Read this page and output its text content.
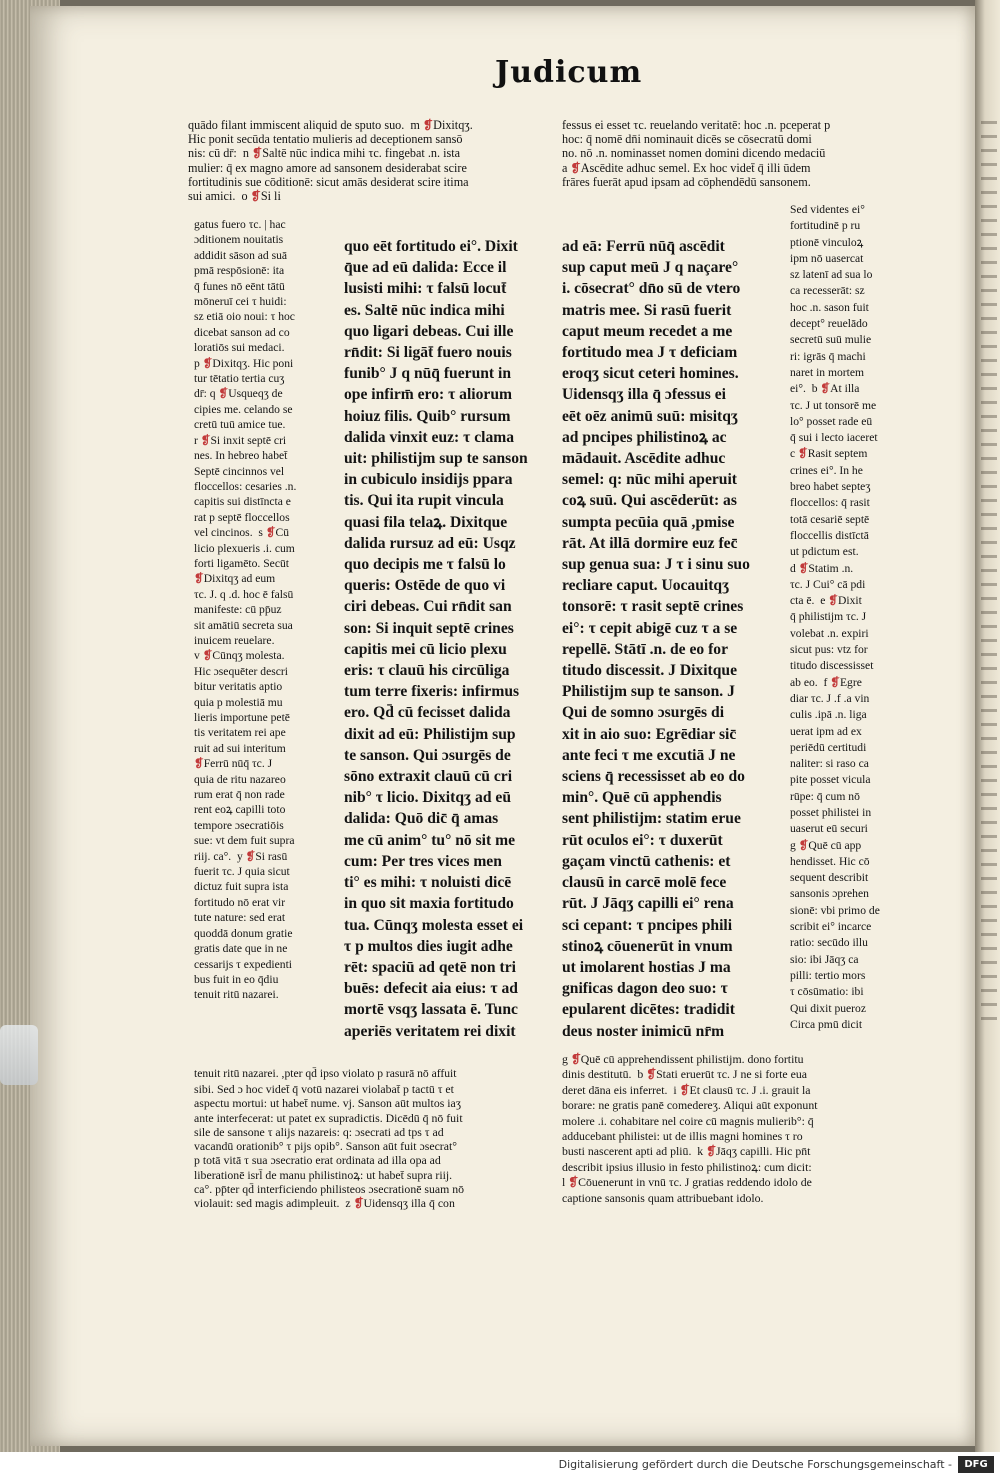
Judicum
quādo filant immiscent aliquid de sputo suo.  m ❡Dixitqʒ.
Hic ponit secūda tentatio mulieris ad deceptionem sansō
nis: cū dr̄:  n ❡Saltē nūc indica mihi τc. fingebat .n. ista
mulier: q̄ ex magno amore ad sansonem desiderabat scire
fortitudinis sue cōditionē: sicut amās desiderat scire itima
sui amici.  o ❡Si li
fessus ei esset τc. reuelando veritatē: hoc .n. pceperat p
hoc: q̄ nomē dn̄i nominauit dicēs se cōsecratū domi
no. nō .n. nominasset nomen domini dicendo medaciū
a ❡Ascēdite adhuc semel. Ex hoc videt̄ q̄ illi ūdem
frāres fuerāt apud ipsam ad cōphendēdū sansonem.
gatus fuero τc. | hac
ɔditionem nouitatis
addidit sāson ad suā
pmā respōsionē: ita
q̄ funes nō eēnt tātū
mōneruī cei τ huidi:
sz etiā oio noui: τ hoc
dicebat sanson ad co
loratiōs sui medaci.
p ❡Dixitqʒ. Hic poni
tur tētatio tertia cuʒ
dr̄: q ❡Usqueqʒ de
cipies me. celando se
cretū tuū amice tue.
r ❡Si inxit septē cri
nes. In hebreo habet̄
Septē cincinnos vel
floccellos: cesaries .n.
capitis sui distīncta e
rat p septē floccellos
vel cincinos.  s ❡Cū
licio plexueris .i. cum
forti ligamēto. Secūt
❡Dixitqʒ ad eum
τc. J. q .d. hoc ē falsū
manifeste: cū pp̄uz
sit amātiū secreta sua
inuicem reuelare.
v ❡Cūnqʒ molesta.
Hic ɔsequēter descri
bitur veritatis aptio
quia p molestiā mu
lieris importune petē
tis veritatem rei ape
ruit ad sui interitum
❡Ferrū nūq̄ τc. J
quia de ritu nazareo
rum erat q̄ non rade
rent eoꝝ capilli toto
tempore ɔsecratiōis
sue: vt dem fuit supra
riij. ca°.  y ❡Si rasū
fuerit τc. J quia sicut
dictuz fuit supra ista
fortitudo nō erat vir
tute nature: sed erat
quoddā donum gratie
gratis date que in ne
cessarijs τ expedienti
bus fuit in eo q̄diu
tenuit ritū nazarei.
quo eēt fortitudo ei°. Dixit
q̄ue ad eū dalida: Ecce il
lusisti mihi: τ falsū locut̄
es. Saltē nūc indica mihi
quo ligari debeas. Cui ille
rn̄dit: Si ligāt̄ fuero nouis
funib° J q nūq̄ fuerunt in
ope infirm̄ ero: τ aliorum
hoiuz filis. Quib° rursum
dalida vinxit euz: τ clama
uit: philistijm sup te sanson
in cubiculo insidijs ppara
tis. Qui ita rupit vincula
quasi fila telaꝝ. Dixitque
dalida rursuz ad eū: Usqz
quo decipis me τ falsū lo
queris: Ostēde de quo vi
ciri debeas. Cui rn̄dit san
son: Si inquit septē crines
capitis mei cū licio plexu
eris: τ clauū his circūliga
tum terre fixeris: infirmus
ero. Qd̄ cū fecisset dalida
dixit ad eū: Philistijm sup
te sanson. Qui ɔsurgēs de
sōno extraxit clauū cū cri
nib° τ licio. Dixitqʒ ad eū
dalida: Quō dic̄ q̄ amas
me cū anim° tu° nō sit me
cum: Per tres vices men
ti° es mihi: τ noluisti dicē
in quo sit maxia fortitudo
tua. Cūnqʒ molesta esset ei
τ p multos dies iugit adhe
rēt: spaciū ad qetē non tri
buēs: defecit aia eius: τ ad
mortē vsqʒ lassata ē. Tunc
aperiēs veritatem rei dixit
ad eā: Ferrū nūq̄ ascēdit
sup caput meū J q naçare°
i. cōsecrat° dn̄o sū de vtero
matris mee. Si rasū fuerit
caput meum recedet a me
fortitudo mea J τ deficiam
eroqʒ sicut ceteri homines.
Uidensqʒ illa q̄ ɔfessus ei
eēt oēz animū suū: misitqʒ
ad pncipes philistinoꝝ ac
mādauit. Ascēdite adhuc
semel: q: nūc mihi aperuit
coꝝ suū. Qui ascēderūt: as
sumpta pecūia quā ,pmise
rāt. At illā dormire euz fec̄
sup genua sua: J τ i sinu suo
recliare caput. Uocauitqʒ
tonsorē: τ rasit septē crines
ei°: τ cepit abigē cuz τ a se
repellē. Stātī .n. de eo for
titudo discessit. J Dixitque
Philistijm sup te sanson. J
Qui de somno ɔsurgēs di
xit in aio suo: Egrēdiar sic̄
ante feci τ me excutiā J ne
sciens q̄ recessisset ab eo do
min°. Quē cū apphendis
sent philistijm: statim erue
rūt oculos ei°: τ duxerūt
gaçam vinctū cathenis: et
clausū in carcē molē fece
rūt. J Jāqʒ capilli ei° rena
sci cepant: τ pncipes phili
stinoꝝ cōuenerūt in vnum
ut imolarent hostias J ma
gnificas dagon deo suo: τ
epularent dicētes: tradidit
deus noster inimicū nr̄m
Sed videntes ei°
fortitudinē p ru
ptionē vinculoꝝ
ipm nō uasercat
sz latenī ad sua lo
ca recesserāt: sz
hoc .n. sason fuit
decept° reuelādo
secretū suū mulie
ri: igrās q̄ machi
naret in mortem
ei°.  b ❡At illa
τc. J ut tonsorē me
lo° posset rade eū
q̄ sui i lecto iaceret
c ❡Rasit septem
crines ei°. In he
breo habet septeʒ
floccellos: q̄ rasit
totā cesariē septē
floccellis distīctā
ut pdictum est.
d ❡Statim .n.
τc. J Cui° cā pdi
cta ē.  e ❡Dixit
q̄ philistijm τc. J
volebat .n. expiri
sicut pus: vtz for
titudo discessisset
ab eo.  f ❡Egre
diar τc. J .f .a vin
culis .ipā .n. liga
uerat ipm ad ex
periēdū certitudi
naliter: si raso ca
pite posset vicula
rūpe: q̄ cum nō
posset philistei in
uaserut eū securi
g ❡Quē cū app
hendisset. Hic cō
sequent describit
sansonis ɔprehen
sionē: vbi primo de
scribit ei° incarce
ratio: secūdo illu
sio: ibi Jāqʒ ca
pilli: tertio mors
τ cōsūmatio: ibi
Qui dixit pueroz
Circa pmū dicit
tenuit ritū nazarei. ,pter qd̄ ipso violato p rasurā nō affuit
sibi. Sed ɔ hoc videt̄ q̄ votū nazarei violabat̄ p tactū τ et
aspectu mortui: ut habet̄ nume. vj. Sanson aūt multos iaʒ
ante interfecerat: ut patet ex supradictis. Dicēdū q̄ nō fuit
sile de sansone τ alijs nazareis: q: ɔsecrati ad tps τ ad
vacandū orationib° τ pijs opib°. Sanson aūt fuit ɔsecrat°
p totā vitā τ sua ɔsecratio erat ordinata ad illa opa ad
liberationē isrl̄ de manu philistinoꝝ: ut habet̄ supra riij.
ca°. pp̄ter qd̄ interficiendo philisteos ɔsecrationē suam nō
violauit: sed magis adimpleuit.  z ❡Uidensqʒ illa q̄ con
g ❡Quē cū apprehendissent philistijm. dono fortitu
dinis destitutū.  b ❡Stati eruerūt τc. J ne si forte eua
deret dāna eis inferret.  i ❡Et clausū τc. J .i. grauit la
borare: ne gratis panē comedereʒ. Aliqui aūt exponunt
molere .i. cohabitare nel coire cū magnis mulierib°: q̄
adducebant philistei: ut de illis magni homines τ ro
busti nascerent apti ad pliū.  k ❡Jāqʒ capilli. Hic pn̄t
describit ipsius illusio in festo philistinoꝝ: cum dicit:
l ❡Cōuenerunt in vnū τc. J gratias reddendo idolo de
captione sansonis quam attribuebant idolo.
Digitalisierung gefördert durch die Deutsche Forschungsgemeinschaft -	DFG
